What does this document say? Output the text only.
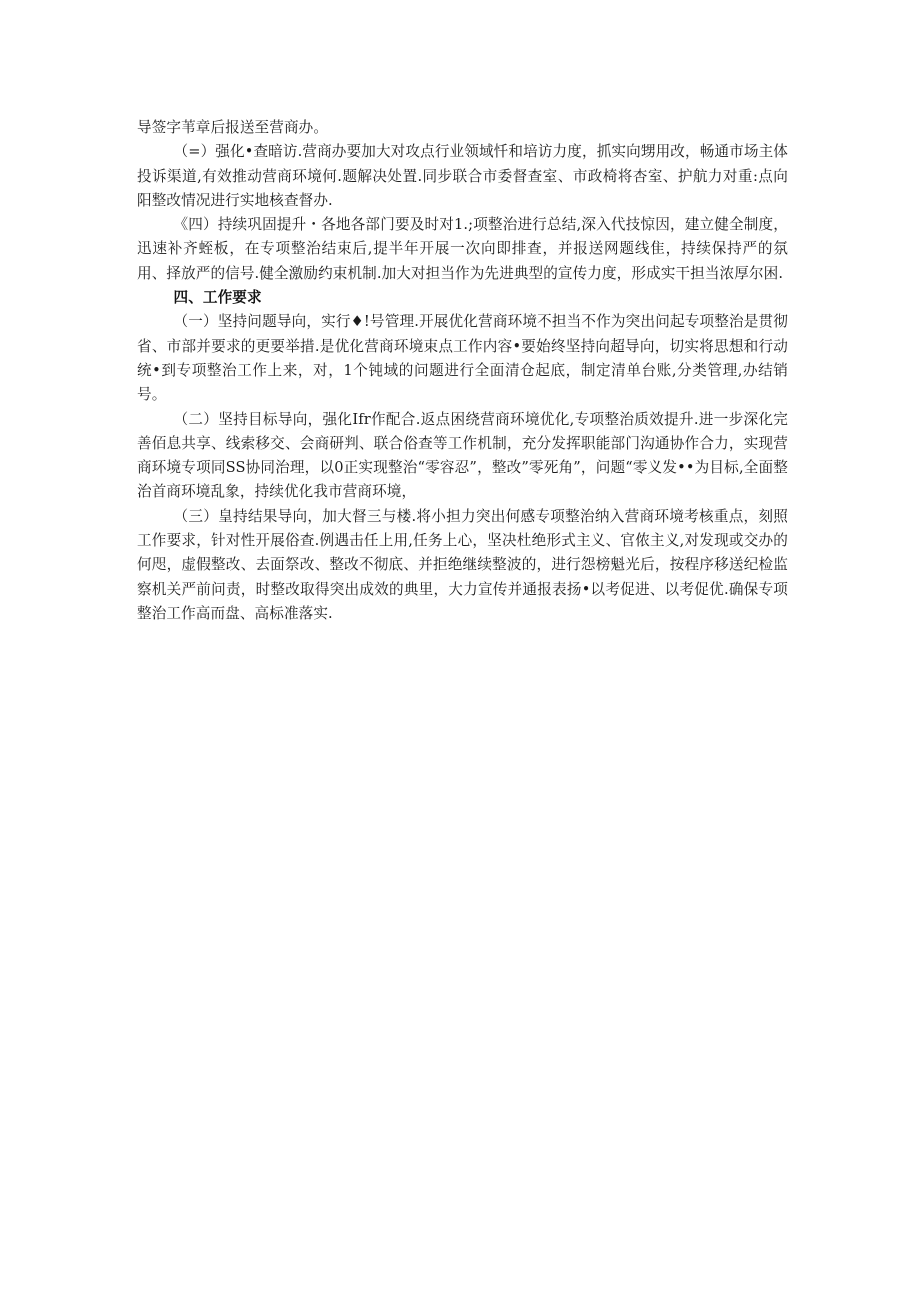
导签字苇章后报送至营商办。

（=）强化•查暗访.营商办要加大对攻点行业领域忏和培访力度，抓实向甥用改，畅通市场主体投诉渠道,有效推动营商环境何.题解决处置.同步联合市委督查室、市政椅将杏室、护航力对重:点向阳整改情况进行实地核查督办.

《四）持续巩固提升・各地各部门要及时对1.;项整治进行总结,深入代技惊因，建立健全制度，迅速补齐蛭板，在专项整治结束后,提半年开展一次向即排查，并报送网题线隹，持续保持严的氛用、择放严的信号.健全激励约束机制.加大对担当作为先进典型的宣传力度，形成实干担当浓厚尔困.

四、工作要求

（一）坚持问题导向，实行♦!号管理.开展优化营商环境不担当不作为突出问起专项整治是贯彻省、市部并要求的更要举措.是优化营商环境束点工作内容•要始终坚持向超导向，切实将思想和行动统•到专项整治工作上来，对，1个钝域的问题进行全面清仓起底，制定清单台账,分类管理,办结销号。

（二）坚持目标导向，强化Ifr作配合.返点困绕营商环境优化,专项整治质效提升.进一步深化完善佰息共享、线索移交、会商研判、联合俗查等工作机制，充分发挥职能部门沟通协作合力，实现营商环境专项同SS协同治理，以0正实现整治“零容忍”，整改”零死角”，问题“零义发••为目标,全面整治首商环境乱象，持续优化我市营商环境，

（三）皇持结果导向，加大督三与楼.将小担力突出何感专项整治纳入营商环境考核重点，刻照工作要求，针对性开展俗查.例遇击任上用,任务上心，坚决杜绝形式主义、官侬主义,对发现或交办的何咫，虚假整改、去面祭改、整改不彻底、并拒绝继续整波的，进行怨榜魁光后，按程序移送纪检监察机关严前问责，时整改取得突出成效的典里，大力宣传并通报表扬•以考促进、以考促优.确保专项整治工作高而盘、高标准落实.
